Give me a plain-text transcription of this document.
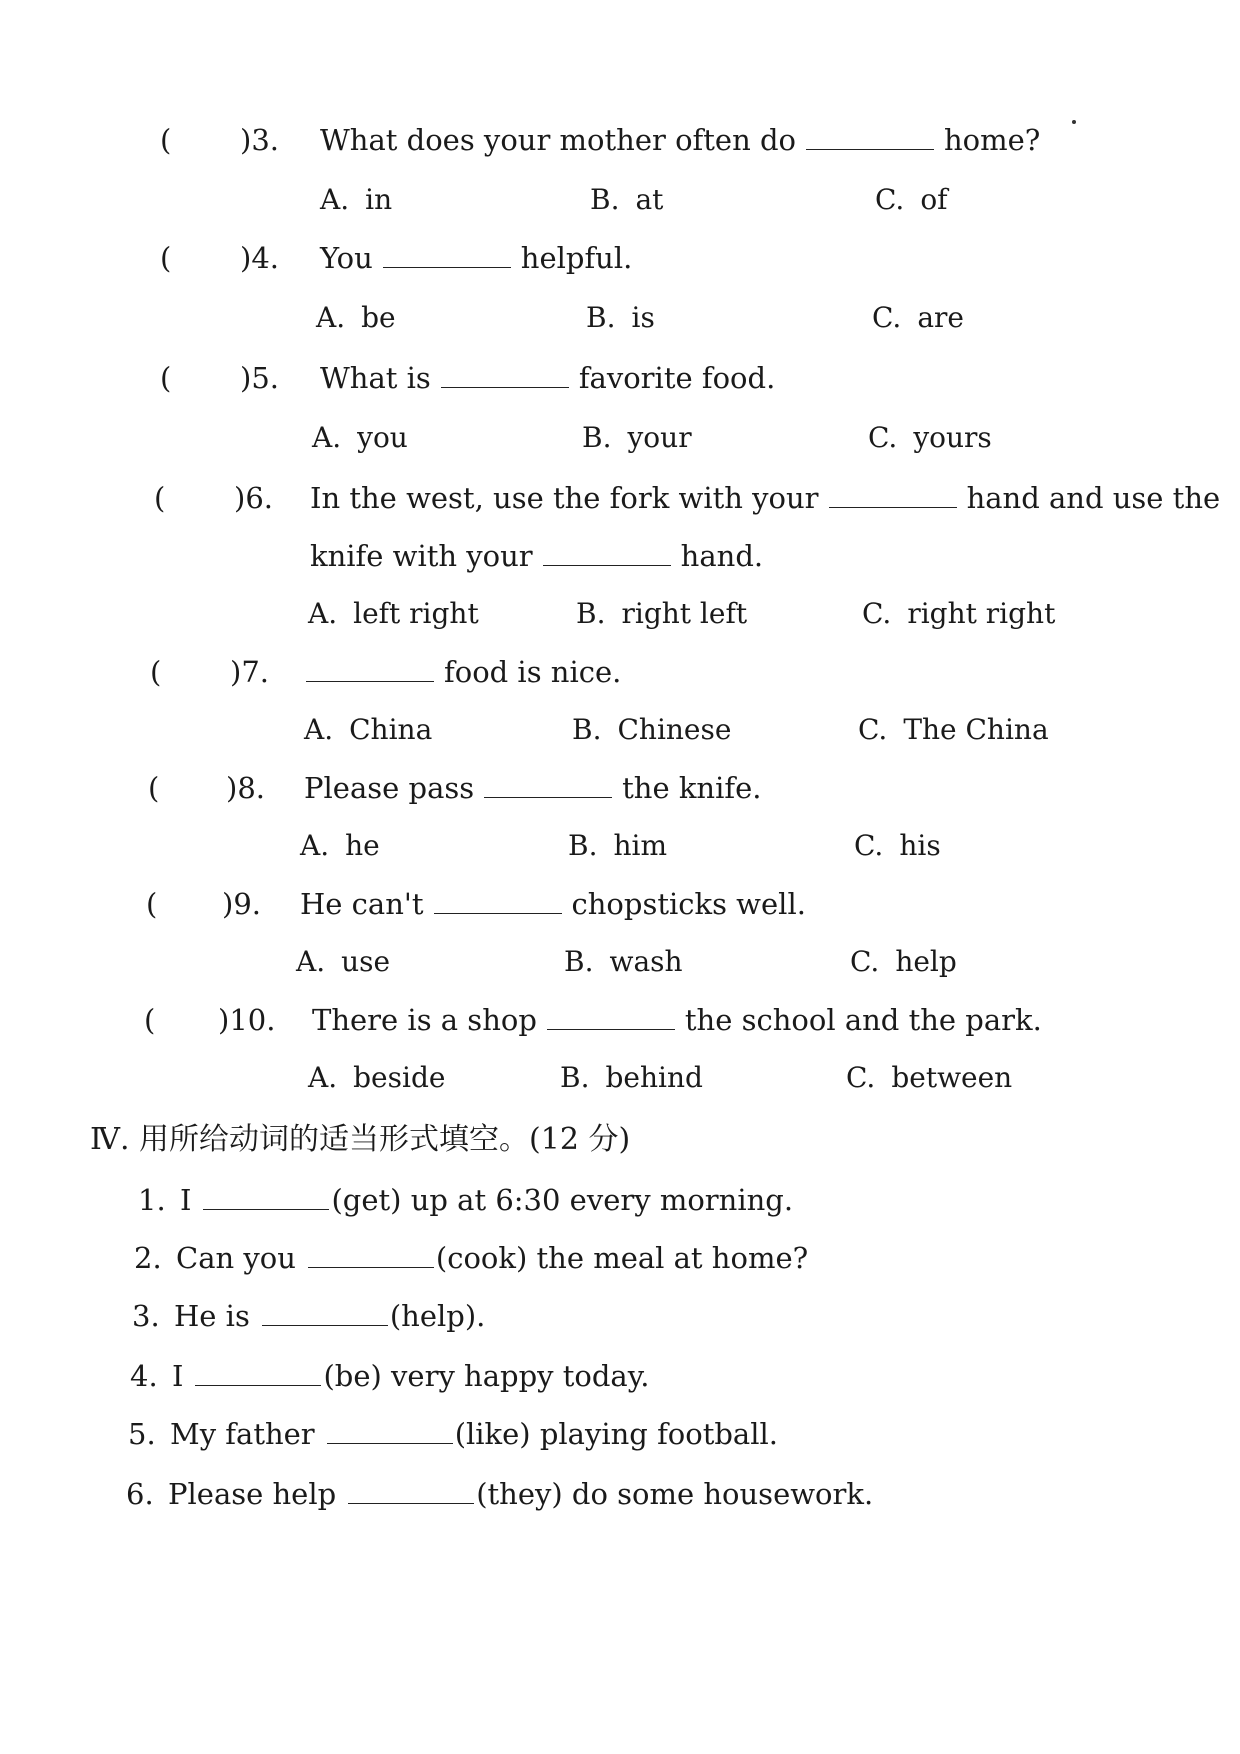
( )3. What does your mother often do	home?
A. in	B. at	C. of
( )4. You	helpful.
A. be	B. is	C. are
( )5. What is	favorite food.
A. you	B. your	C. yours
( )6. In the west, use the fork with your	hand and use the
knife with your	hand.
A. left right	B. right left	C. right right
( )7.	food is nice.
A. China	B. Chinese	C. The China
( )8. Please pass	the knife.
A. he	B. him	C. his
( )9. He can't	chopsticks well.
A. use	B. wash	C. help
( )10. There is a shop	the school and the park.
A. beside	B. behind	C. between
Ⅳ. 用所给动词的适当形式填空。(12 分)
1. I	(get) up at 6:30 every morning.
2. Can you	(cook) the meal at home?
3. He is	(help).
4. I	(be) very happy today.
5. My father	(like) playing football.
6. Please help	(they) do some housework.
